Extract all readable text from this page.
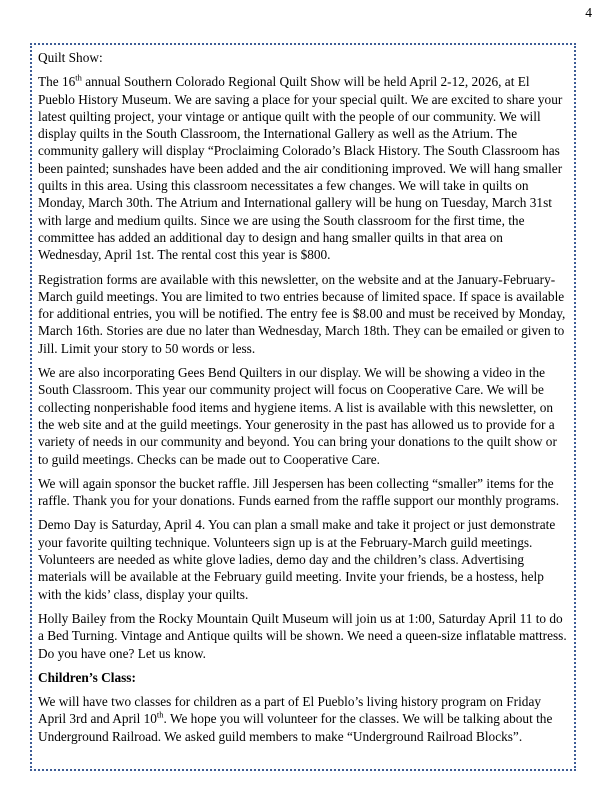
4

Quilt Show:

The 16th annual Southern Colorado Regional Quilt Show will be held April 2-12, 2026, at El Pueblo History Museum. We are saving a place for your special quilt. We are excited to share your latest quilting project, your vintage or antique quilt with the people of our community. We will display quilts in the South Classroom, the International Gallery as well as the Atrium. The community gallery will display “Proclaiming Colorado’s Black History. The South Classroom has been painted; sunshades have been added and the air conditioning improved. We will hang smaller quilts in this area. Using this classroom necessitates a few changes. We will take in quilts on Monday, March 30th. The Atrium and International gallery will be hung on Tuesday, March 31st with large and medium quilts. Since we are using the South classroom for the first time, the committee has added an additional day to design and hang smaller quilts in that area on Wednesday, April 1st. The rental cost this year is $800.

Registration forms are available with this newsletter, on the website and at the January-February- March guild meetings. You are limited to two entries because of limited space. If space is available for additional entries, you will be notified. The entry fee is $8.00 and must be received by Monday, March 16th. Stories are due no later than Wednesday, March 18th. They can be emailed or given to Jill. Limit your story to 50 words or less.

We are also incorporating Gees Bend Quilters in our display. We will be showing a video in the South Classroom. This year our community project will focus on Cooperative Care. We will be collecting nonperishable food items and hygiene items. A list is available with this newsletter, on the web site and at the guild meetings. Your generosity in the past has allowed us to provide for a variety of needs in our community and beyond. You can bring your donations to the quilt show or to guild meetings. Checks can be made out to Cooperative Care.

We will again sponsor the bucket raffle. Jill Jespersen has been collecting “smaller” items for the raffle. Thank you for your donations. Funds earned from the raffle support our monthly programs.

Demo Day is Saturday, April 4. You can plan a small make and take it project or just demonstrate your favorite quilting technique. Volunteers sign up is at the February-March guild meetings. Volunteers are needed as white glove ladies, demo day and the children’s class. Advertising materials will be available at the February guild meeting. Invite your friends, be a hostess, help with the kids’ class, display your quilts.

Holly Bailey from the Rocky Mountain Quilt Museum will join us at 1:00, Saturday April 11 to do a Bed Turning. Vintage and Antique quilts will be shown. We need a queen-size inflatable mattress. Do you have one? Let us know.

Children’s Class:

We will have two classes for children as a part of El Pueblo’s living history program on Friday April 3rd and April 10th. We hope you will volunteer for the classes. We will be talking about the Underground Railroad. We asked guild members to make “Underground Railroad Blocks”.
